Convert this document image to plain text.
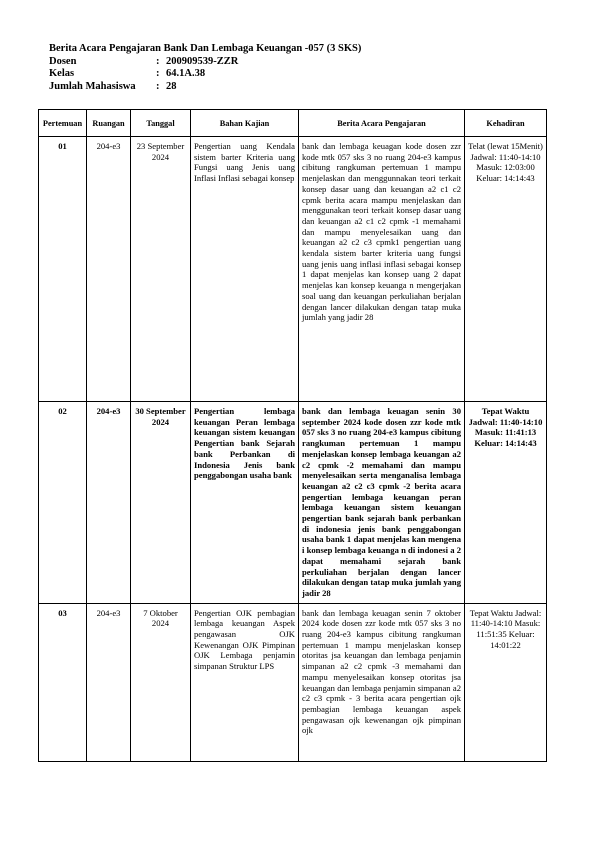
Berita Acara Pengajaran Bank Dan Lembaga Keuangan -057 (3 SKS)
Dosen	: 200909539-ZZR
Kelas	: 64.1A.38
Jumlah Mahasiswa	: 28
Pertemuan	Ruangan	Tanggal	Bahan Kajian	Berita Acara Pengajaran	Kehadiran
01	204-e3	23 September 2024	Pengertian uang Kendala sistem barter Kriteria uang Fungsi uang Jenis uang Inflasi Inflasi sebagai konsep	bank dan lembaga keuagan kode dosen zzr kode mtk 057 sks 3 no ruang 204-e3 kampus cibitung rangkuman pertemuan 1 mampu menjelaskan dan menggunnakan teori terkait konsep dasar uang dan keuangan a2 c1 c2 cpmk berita acara mampu menjelaskan dan menggunakan teori terkait konsep dasar uang dan keuangan a2 c1 c2 cpmk -1 memahami dan mampu menyelesaikan uang dan keuangan a2 c2 c3 cpmk1 pengertian uang kendala sistem barter kriteria uang fungsi uang jenis uang inflasi inflasi sebagai konsep 1 dapat menjelas kan konsep uang 2 dapat menjelas kan konsep keuanga n mengerjakan soal uang dan keuangan perkuliahan berjalan dengan lancer dilakukan dengan tatap muka jumlah yang jadir 28	Telat (lewat 15Menit) Jadwal: 11:40-14:10 Masuk: 12:03:00 Keluar: 14:14:43
02	204-e3	30 September 2024	Pengertian lembaga keuangan Peran lembaga keuangan sistem keuangan Pengertian bank Sejarah bank Perbankan di Indonesia Jenis bank penggabongan usaha bank	bank dan lembaga keuagan senin 30 september 2024 kode dosen zzr kode mtk 057 sks 3 no ruang 204-e3 kampus cibitung rangkuman pertemuan 1 mampu menjelaskan konsep lembaga keuangan a2 c2 cpmk -2 memahami dan mampu menyelesaikan serta menganalisa lembaga keuangan a2 c2 c3 cpmk -2 berita acara pengertian lembaga keuangan peran lembaga keuangan sistem keuangan pengertian bank sejarah bank perbankan di indonesia jenis bank penggabongan usaha bank 1 dapat menjelas kan mengena i konsep lembaga keuanga n di indonesi a 2 dapat memahami sejarah bank perkuliahan berjalan dengan lancer dilakukan dengan tatap muka jumlah yang jadir 28	Tepat Waktu Jadwal: 11:40-14:10 Masuk: 11:41:13 Keluar: 14:14:43
03	204-e3	7 Oktober 2024	Pengertian OJK pembagian lembaga keuangan Aspek pengawasan OJK Kewenangan OJK Pimpinan OJK Lembaga penjamin simpanan Struktur LPS	bank dan lembaga keuagan senin 7 oktober 2024 kode dosen zzr kode mtk 057 sks 3 no ruang 204-e3 kampus cibitung rangkuman pertemuan 1 mampu menjelaskan konsep otoritas jsa keuangan dan lembaga penjamin simpanan a2 c2 cpmk -3 memahami dan mampu menyelesaikan konsep otoritas jsa keuangan dan lembaga penjamin simpanan a2 c2 c3 cpmk - 3 berita acara pengertian ojk pembagian lembaga keuangan aspek pengawasan ojk kewenangan ojk pimpinan ojk	Tepat Waktu Jadwal: 11:40-14:10 Masuk: 11:51:35 Keluar: 14:01:22
